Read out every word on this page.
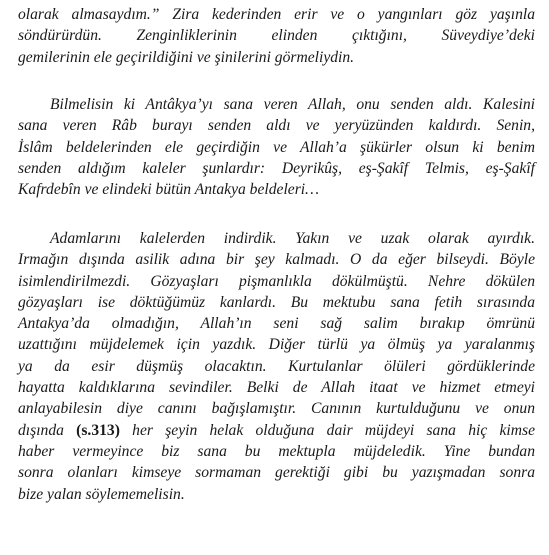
olarak almasaydım.” Zira kederinden erir ve o yangınları göz yaşınla
söndürürdün. Zenginliklerinin elinden çıktığını, Süveydiye’deki
gemilerinin ele geçirildiğini ve şinilerini görmeliydin.

Bilmelisin ki Antâkya’yı sana veren Allah, onu senden aldı. Kalesini
sana veren Râb burayı senden aldı ve yeryüzünden kaldırdı. Senin,
İslâm beldelerinden ele geçirdiğin ve Allah’a şükürler olsun ki benim
senden aldığım kaleler şunlardır: Deyrikûş, eş-Şakîf Telmis, eş-Şakîf
Kafrdebîn ve elindeki bütün Antakya beldeleri…

Adamlarını kalelerden indirdik. Yakın ve uzak olarak ayırdık.
Irmağın dışında asilik adına bir şey kalmadı. O da eğer bilseydi. Böyle
isimlendirilmezdi. Gözyaşları pişmanlıkla dökülmüştü. Nehre dökülen
gözyaşları ise döktüğümüz kanlardı. Bu mektubu sana fetih sırasında
Antakya’da olmadığın, Allah’ın seni sağ salim bırakıp ömrünü
uzattığını müjdelemek için yazdık. Diğer türlü ya ölmüş ya yaralanmış
ya da esir düşmüş olacaktın. Kurtulanlar ölüleri gördüklerinde
hayatta kaldıklarına sevindiler. Belki de Allah itaat ve hizmet etmeyi
anlayabilesin diye canını bağışlamıştır. Canının kurtulduğunu ve onun
dışında (s.313) her şeyin helak olduğuna dair müjdeyi sana hiç kimse
haber vermeyince biz sana bu mektupla müjdeledik. Yine bundan
sonra olanları kimseye sormaman gerektiği gibi bu yazışmadan sonra
bize yalan söylememelisin.
